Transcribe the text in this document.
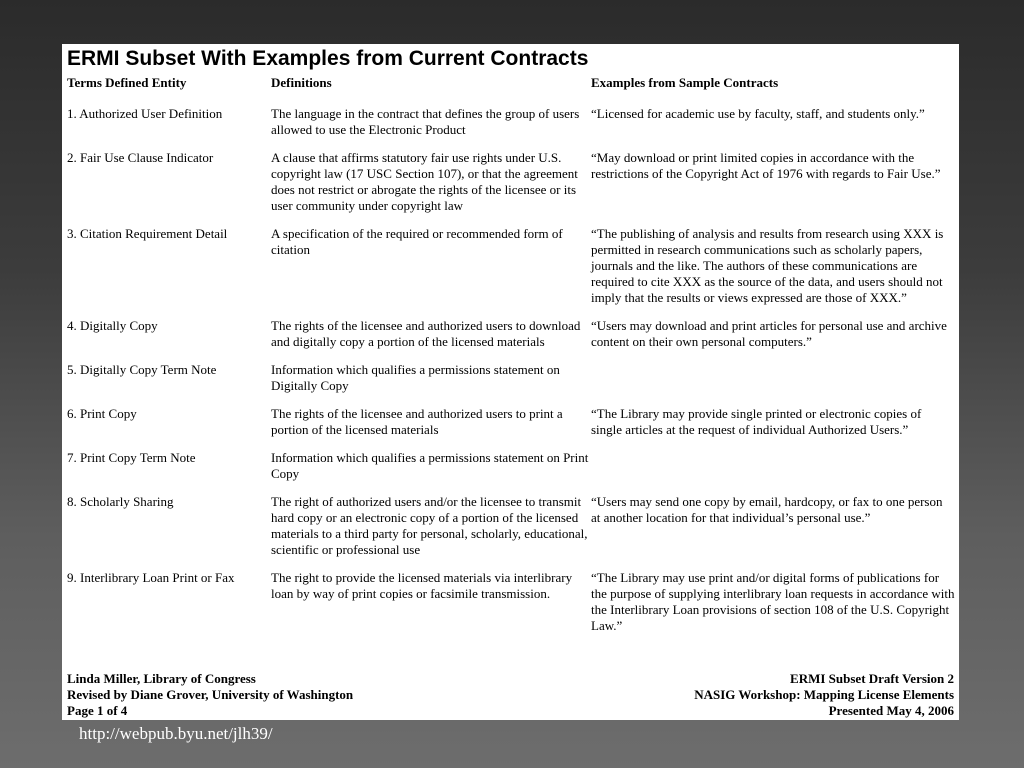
ERMI Subset With Examples from Current Contracts
Terms Defined Entity	Definitions	Examples from Sample Contracts
1. Authorized User Definition	The language in the contract that defines the group of users allowed to use the Electronic Product	“Licensed for academic use by faculty, staff, and students only.”
2. Fair Use Clause Indicator	A clause that affirms statutory fair use rights under U.S. copyright law (17 USC Section 107), or that the agreement does not restrict or abrogate the rights of the licensee or its user community under copyright law	“May download or print limited copies in accordance with the restrictions of the Copyright Act of 1976 with regards to Fair Use.”
3. Citation Requirement Detail	A specification of the required or recommended form of citation	“The publishing of analysis and results from research using XXX is permitted in research communications such as scholarly papers, journals and the like. The authors of these communications are required to cite XXX as the source of the data, and users should not imply that the results or views expressed are those of XXX.”
4. Digitally Copy	The rights of the licensee and authorized users to download and digitally copy a portion of the licensed materials	“Users may download and print articles for personal use and archive content on their own personal computers.”
5. Digitally Copy Term Note	Information which qualifies a permissions statement on Digitally Copy	
6. Print Copy	The rights of the licensee and authorized users to print a portion of the licensed materials	“The Library may provide single printed or electronic copies of single articles at the request of individual Authorized Users.”
7. Print Copy Term Note	Information which qualifies a permissions statement on Print Copy	
8. Scholarly Sharing	The right of authorized users and/or the licensee to transmit hard copy or an electronic copy of a portion of the licensed materials to a third party for personal, scholarly, educational, scientific or professional use	“Users may send one copy by email, hardcopy, or fax to one person at another location for that individual’s personal use.”
9. Interlibrary Loan Print or Fax	The right to provide the licensed materials via interlibrary loan by way of print copies or facsimile transmission.	“The Library may use print and/or digital forms of publications for the purpose of supplying interlibrary loan requests in accordance with the Interlibrary Loan provisions of section 108 of the U.S. Copyright Law.”
Linda Miller, Library of Congress
Revised by Diane Grover, University of Washington
Page 1 of 4
ERMI Subset Draft Version 2
NASIG Workshop: Mapping License Elements
Presented May 4, 2006
http://webpub.byu.net/jlh39/
